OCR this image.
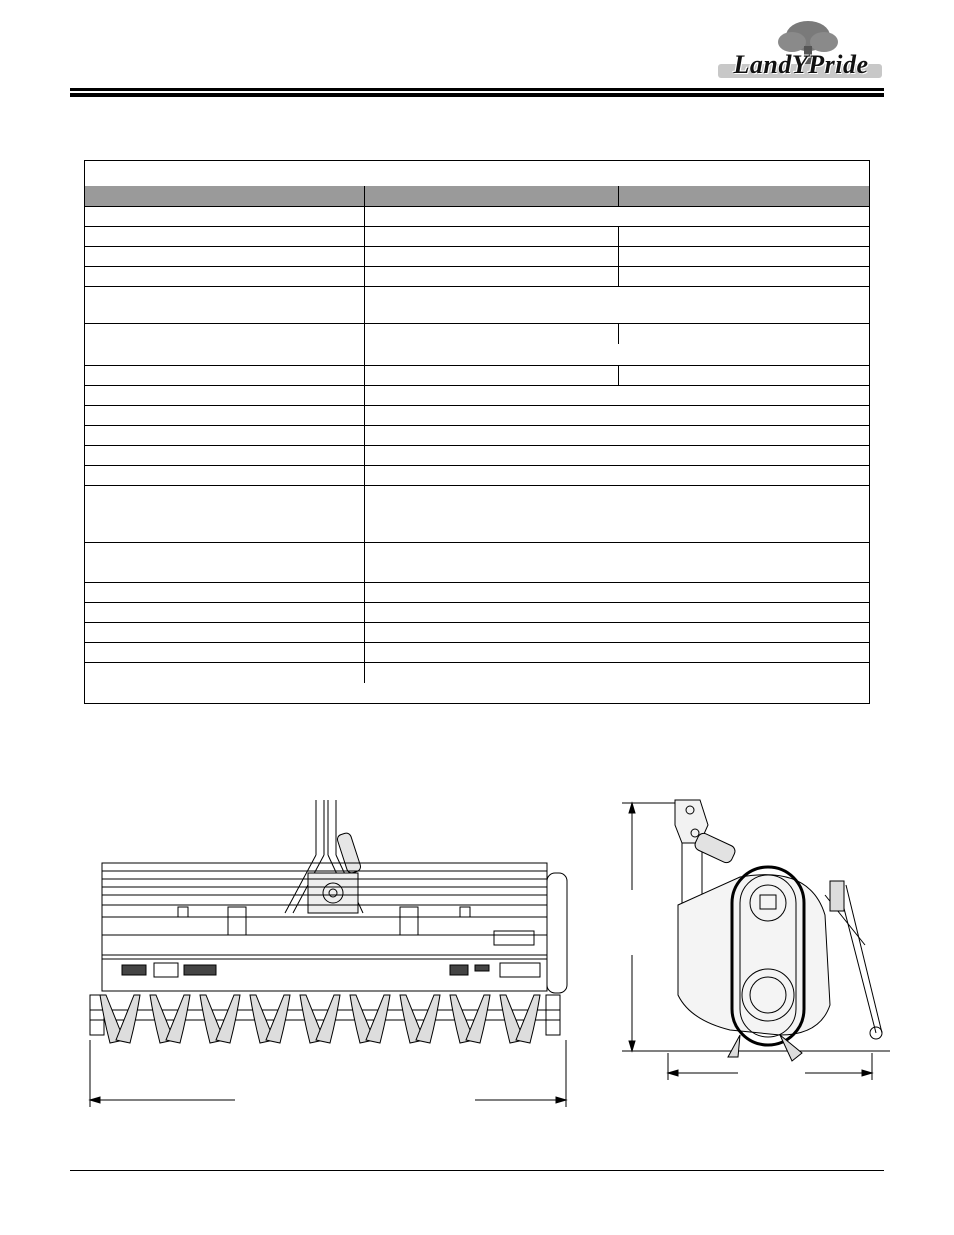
LandYPride
